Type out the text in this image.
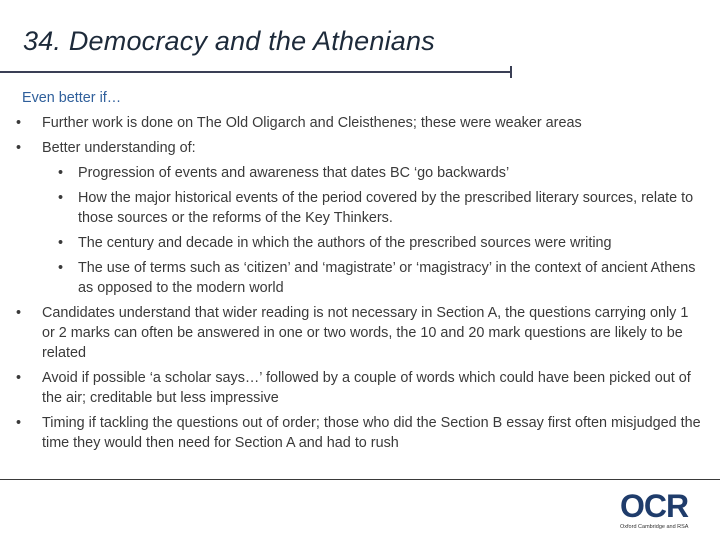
34. Democracy and the Athenians
Even better if…
• Further work is done on The Old Oligarch and Cleisthenes; these were weaker areas
• Better understanding of:
• Progression of events and awareness that dates BC ‘go backwards’
• How the major historical events of the period covered by the prescribed literary sources, relate to those sources or the reforms of the Key Thinkers.
• The century and decade in which the authors of the prescribed sources were writing
• The use of terms such as ‘citizen’ and ‘magistrate’ or ‘magistracy’ in the context of ancient Athens as opposed to the modern world
• Candidates understand that wider reading is not necessary in Section A, the questions carrying only 1 or 2 marks can often be answered in one or two words, the 10 and 20 mark questions are likely to be related
• Avoid if possible ‘a scholar says…’ followed by a couple of words which could have been picked out of the air; creditable but less impressive
• Timing if tackling the questions out of order; those who did the Section B essay first often misjudged the time they would then need for Section A and had to rush
OCR
Oxford Cambridge and RSA
